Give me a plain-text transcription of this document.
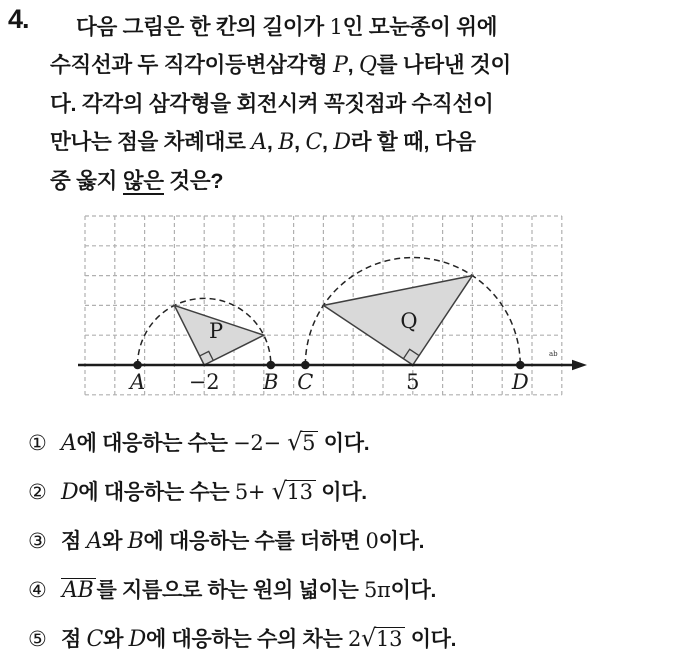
4.	다음 그림은 한 칸의 길이가 1인 모눈종이 위에
수직선과 두 직각이등변삼각형 P, Q를 나타낸 것이
다. 각각의 삼각형을 회전시켜 꼭짓점과 수직선이
만나는 점을 차례대로 A, B, C, D라 할 때, 다음
중 옳지 않은 것은?
P	Q
ab
A −2 B C	5	D
① A에 대응하는 수는 −2− √5 이다.
② D에 대응하는 수는 5+ √13 이다.
③ 점 A와 B에 대응하는 수를 더하면 0이다.
④ AB 를 지름으로 하는 원의 넓이는 5π이다.
⑤ 점 C와 D에 대응하는 수의 차는 2√13 이다.
